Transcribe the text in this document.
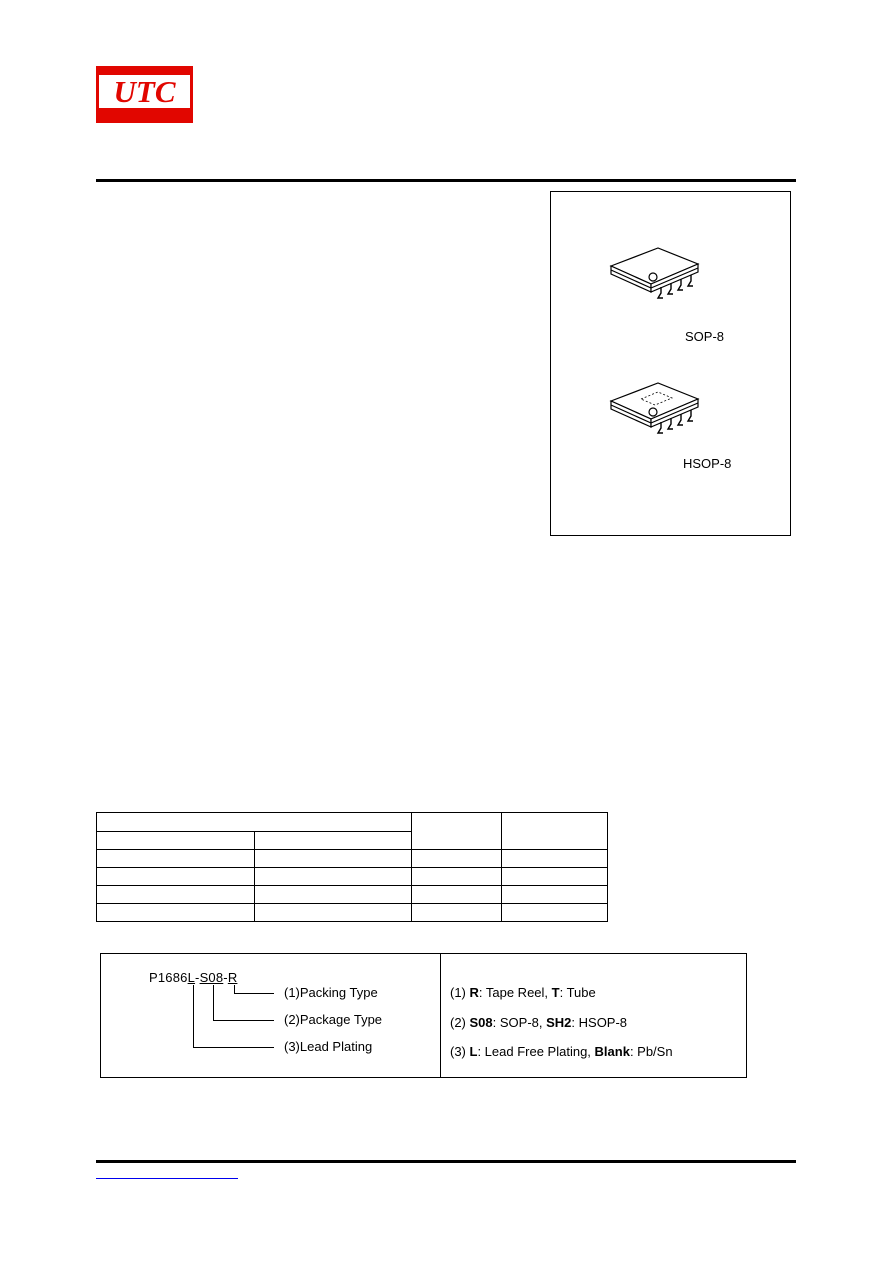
UTC
SOP-8
HSOP-8

P1686L-S08-R
(1)Packing Type
(2)Package Type
(3)Lead Plating
(1) R: Tape Reel, T: Tube
(2) S08: SOP-8, SH2: HSOP-8
(3) L: Lead Free Plating, Blank: Pb/Sn
